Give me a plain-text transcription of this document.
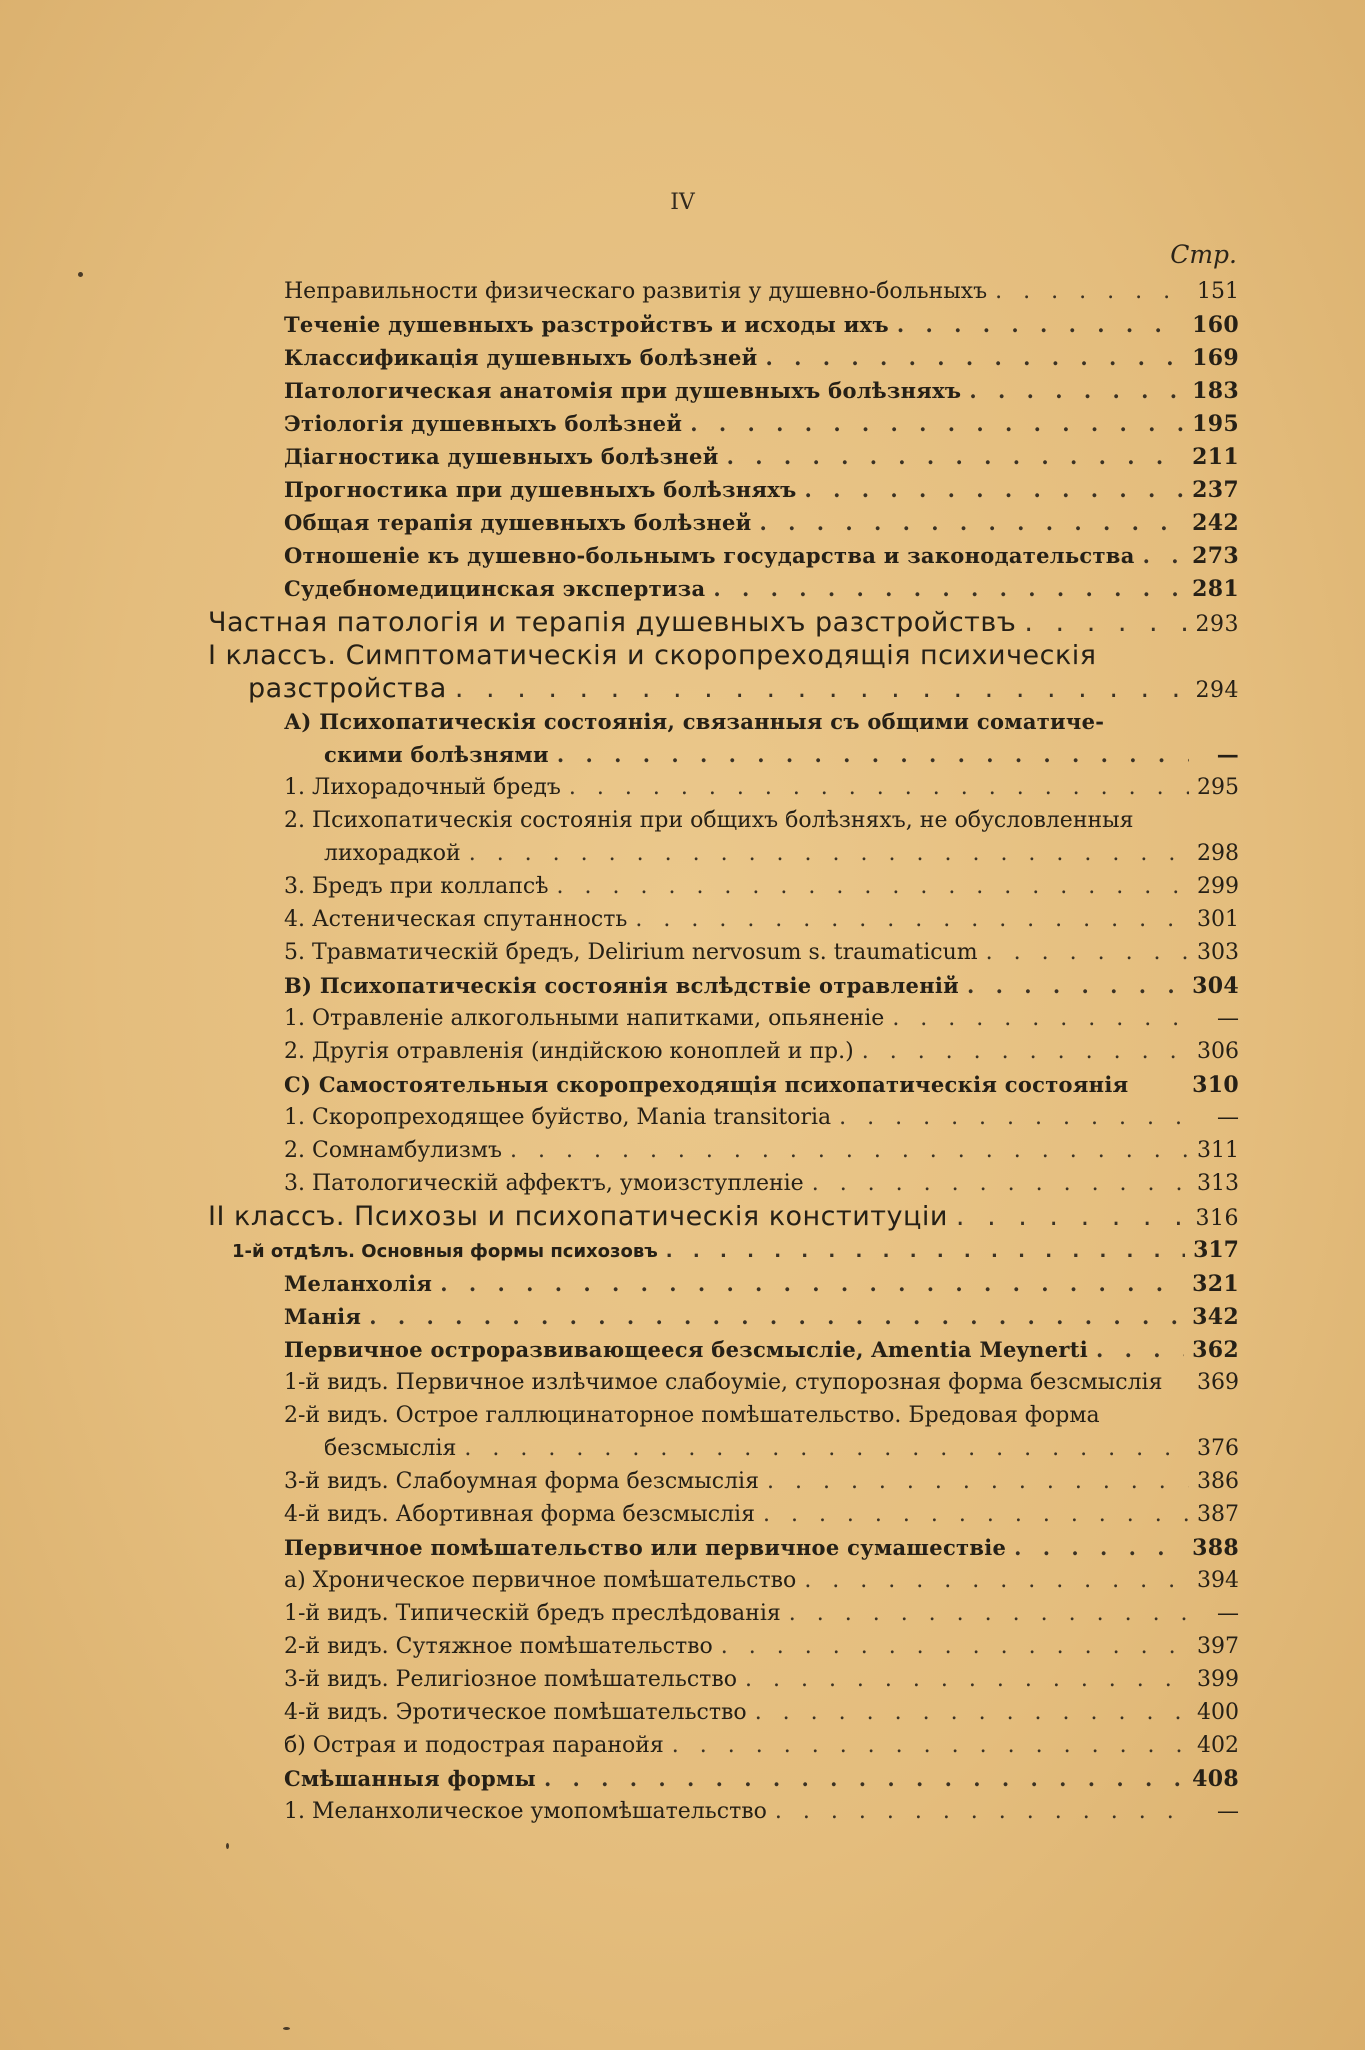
IV
Стр.
Неправильности физическаго развитія у душевно-больныхъ . . .	151
Теченіе душевныхъ разстройствъ и исходы ихъ . . .	160
Классификація душевныхъ болѣзней . . .	169
Патологическая анатомія при душевныхъ болѣзняхъ . . .	183
Этіологія душевныхъ болѣзней . . .	195
Діагностика душевныхъ болѣзней . . .	211
Прогностика при душевныхъ болѣзняхъ . . .	237
Общая терапія душевныхъ болѣзней . . .	242
Отношеніе къ душевно-больнымъ государства и законодательства . . .	273
Судебномедицинская экспертиза . . .	281
Частная патологія и терапія душевныхъ разстройствъ . . .	293
I классъ. Симптоматическія и скоропреходящія психическія
разстройства . . .	294
А) Психопатическія состоянія, связанныя съ общими соматиче-
скими болѣзнями . . .	—
1. Лихорадочный бредъ . . .	295
2. Психопатическія состоянія при общихъ болѣзняхъ, не обусловленныя
лихорадкой . . .	298
3. Бредъ при коллапсѣ . . .	299
4. Астеническая спутанность . . .	301
5. Травматическій бредъ, Delirium nervosum s. traumaticum . . .	303
В) Психопатическія состоянія вслѣдствіе отравленій . . .	304
1. Отравленіе алкогольными напитками, опьяненіе . . .	—
2. Другія отравленія (индійскою коноплей и пр.) . . .	306
С) Самостоятельныя скоропреходящія психопатическія состоянія	310
1. Скоропреходящее буйство, Mania transitoria . . .	—
2. Сомнамбулизмъ . . .	311
3. Патологическій аффектъ, умоизступленіе . . .	313
II классъ. Психозы и психопатическія конституціи . . .	316
1-й отдѣлъ. Основныя формы психозовъ . . .	317
Меланхолія . . .	321
Манія . . .	342
Первичное остроразвивающееся безсмысліе, Amentia Meynerti . . .	362
1-й видъ. Первичное излѣчимое слабоуміе, ступорозная форма безсмыслія 369
2-й видъ. Острое галлюцинаторное помѣшательство. Бредовая форма
безсмыслія . . .	376
3-й видъ. Слабоумная форма безсмыслія . . .	386
4-й видъ. Абортивная форма безсмыслія . . .	387
Первичное помѣшательство или первичное сумашествіе . . .	388
а) Хроническое первичное помѣшательство . . .	394
1-й видъ. Типическій бредъ преслѣдованія . . .	—
2-й видъ. Сутяжное помѣшательство . . .	397
3-й видъ. Религіозное помѣшательство . . .	399
4-й видъ. Эротическое помѣшательство . . .	400
б) Острая и подострая паранойя . . .	402
Смѣшанныя формы . . .	408
1. Меланхолическое умопомѣшательство . . .	—
